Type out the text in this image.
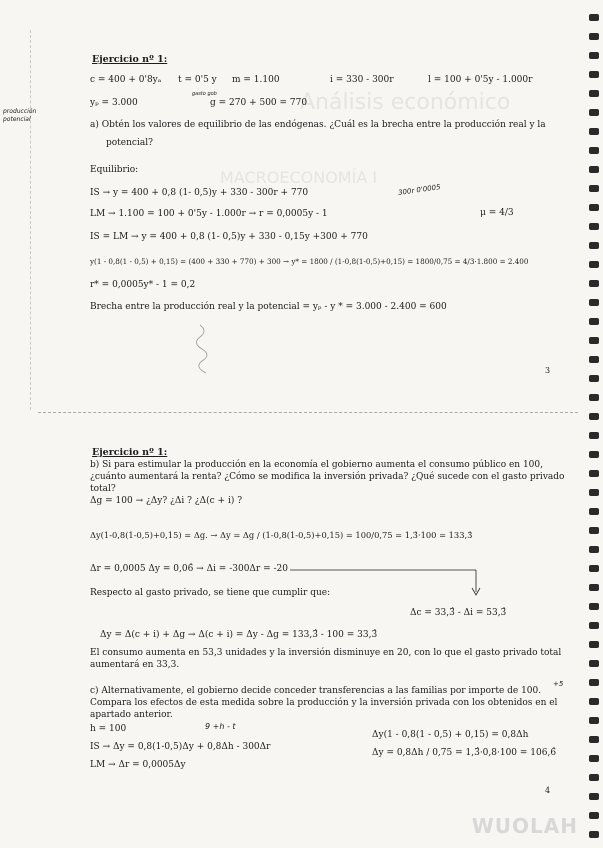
Análisis económico
MACROECONOMÍA I
Ejercicio nº 1:
c = 400 + 0'8yₐ t = 0'5 y m = 1.100	i = 330 - 300r	l = 100 + 0'5y - 1.000r
yₚ = 3.000	g = 270 + 500 = 770
producción
potencial
gasto gob
a) Obtén los valores de equilibrio de las endógenas. ¿Cuál es la brecha entre la producción real y la
potencial?
Equilibrio:
300r 0'0005
IS → y = 400 + 0,8 (1- 0,5)y + 330 - 300r + 770
LM → 1.100 = 100 + 0'5y - 1.000r → r = 0,0005y - 1	μ = 4/3
IS = LM → y = 400 + 0,8 (1- 0,5)y + 330 - 0,15y +300 + 770
y(1 - 0,8(1 - 0,5) + 0,15) = (400 + 330 + 770) + 300 → y* = 1800 / (1-0,8(1-0,5)+0,15) = 1800/0,75 = 4/3·1.800 = 2.400
r* = 0,0005y* - 1 = 0,2
Brecha entre la producción real y la potencial = yₚ - y * = 3.000 - 2.400 = 600
3
Ejercicio nº 1:
b) Si para estimular la producción en la economía el gobierno aumenta el consumo público en 100,
¿cuánto aumentará la renta? ¿Cómo se modifica la inversión privada? ¿Qué sucede con el gasto privado
total?
Δg = 100 → ¿Δy? ¿Δi ? ¿Δ(c + i) ?
Δy(1-0,8(1-0,5)+0,15) = Δg. → Δy = Δg / (1-0,8(1-0,5)+0,15) = 100/0,75 = 1,3̂·100 = 133,3̂
Δr = 0,0005 Δy = 0,06̂ → Δi = -300Δr = -20
Respecto al gasto privado, se tiene que cumplir que:
Δc = 33,3̂ - Δi = 53,3̂
Δy = Δ(c + i) + Δg → Δ(c + i) = Δy - Δg = 133,3̂ - 100 = 33,3̂
El consumo aumenta en 53,3 unidades y la inversión disminuye en 20, con lo que el gasto privado total
aumentará en 33,3.
c) Alternativamente, el gobierno decide conceder transferencias a las familias por importe de 100.
+5
Compara los efectos de esta medida sobre la producción y la inversión privada con los obtenidos en el
apartado anterior.
h = 100	9 +h - t
IS → Δy = 0,8(1-0,5)Δy + 0,8Δh - 300Δr
LM → Δr = 0,0005Δy
Δy(1 - 0,8(1 - 0,5) + 0,15) = 0,8Δh
Δy = 0,8Δh / 0,75 = 1,3̂·0,8·100 = 106,6̂
4
WUOLAH
